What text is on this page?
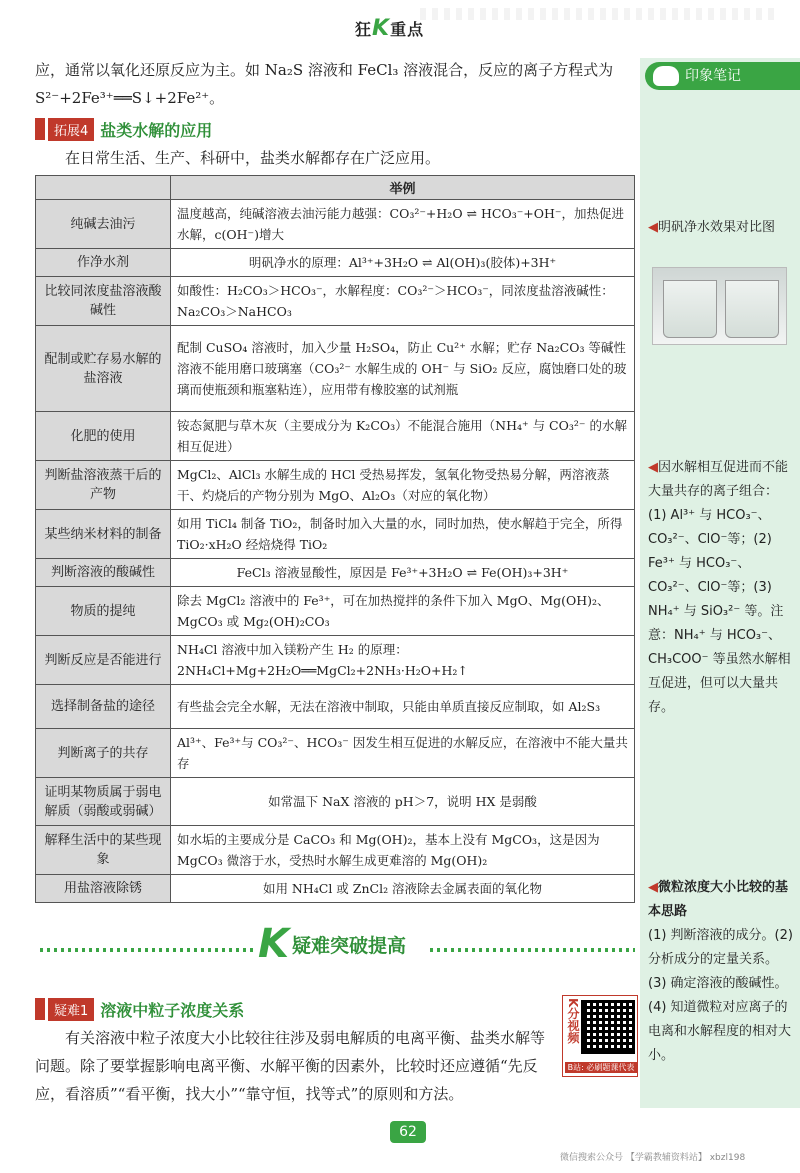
狂K重点
印象笔记
应，通常以氧化还原反应为主。如 Na₂S 溶液和 FeCl₃ 溶液混合，反应的离子方程式为 S²⁻+2Fe³⁺══S↓+2Fe²⁺。
拓展4 盐类水解的应用
在日常生活、生产、科研中，盐类水解都存在广泛应用。
	举例
纯碱去油污	温度越高，纯碱溶液去油污能力越强：CO₃²⁻+H₂O ⇌ HCO₃⁻+OH⁻，加热促进水解，c(OH⁻)增大
作净水剂	明矾净水的原理：Al³⁺+3H₂O ⇌ Al(OH)₃(胶体)+3H⁺
比较同浓度盐溶液酸碱性	如酸性：H₂CO₃＞HCO₃⁻，水解程度：CO₃²⁻＞HCO₃⁻，同浓度盐溶液碱性：Na₂CO₃＞NaHCO₃
配制或贮存易水解的盐溶液	配制 CuSO₄ 溶液时，加入少量 H₂SO₄，防止 Cu²⁺ 水解；贮存 Na₂CO₃ 等碱性溶液不能用磨口玻璃塞（CO₃²⁻ 水解生成的 OH⁻ 与 SiO₂ 反应，腐蚀磨口处的玻璃而使瓶颈和瓶塞粘连），应用带有橡胶塞的试剂瓶
化肥的使用	铵态氮肥与草木灰（主要成分为 K₂CO₃）不能混合施用（NH₄⁺ 与 CO₃²⁻ 的水解相互促进）
判断盐溶液蒸干后的产物	MgCl₂、AlCl₃ 水解生成的 HCl 受热易挥发，氢氧化物受热易分解，两溶液蒸干、灼烧后的产物分别为 MgO、Al₂O₃（对应的氧化物）
某些纳米材料的制备	如用 TiCl₄ 制备 TiO₂，制备时加入大量的水，同时加热，使水解趋于完全，所得 TiO₂·xH₂O 经焙烧得 TiO₂
判断溶液的酸碱性	FeCl₃ 溶液显酸性，原因是 Fe³⁺+3H₂O ⇌ Fe(OH)₃+3H⁺
物质的提纯	除去 MgCl₂ 溶液中的 Fe³⁺，可在加热搅拌的条件下加入 MgO、Mg(OH)₂、MgCO₃ 或 Mg₂(OH)₂CO₃
判断反应是否能进行	NH₄Cl 溶液中加入镁粉产生 H₂ 的原理：2NH₄Cl+Mg+2H₂O══MgCl₂+2NH₃·H₂O+H₂↑
选择制备盐的途径	有些盐会完全水解，无法在溶液中制取，只能由单质直接反应制取，如 Al₂S₃
判断离子的共存	Al³⁺、Fe³⁺与 CO₃²⁻、HCO₃⁻ 因发生相互促进的水解反应，在溶液中不能大量共存
证明某物质属于弱电解质（弱酸或弱碱）	如常温下 NaX 溶液的 pH＞7，说明 HX 是弱酸
解释生活中的某些现象	如水垢的主要成分是 CaCO₃ 和 Mg(OH)₂，基本上没有 MgCO₃，这是因为 MgCO₃ 微溶于水，受热时水解生成更难溶的 Mg(OH)₂
用盐溶液除锈	如用 NH₄Cl 或 ZnCl₂ 溶液除去金属表面的氧化物
◀明矾净水效果对比图
◀因水解相互促进而不能大量共存的离子组合：(1) Al³⁺ 与 HCO₃⁻、CO₃²⁻、ClO⁻等；(2) Fe³⁺ 与 HCO₃⁻、CO₃²⁻、ClO⁻等；(3) NH₄⁺ 与 SiO₃²⁻ 等。注意：NH₄⁺ 与 HCO₃⁻、CH₃COO⁻ 等虽然水解相互促进，但可以大量共存。
◀微粒浓度大小比较的基本思路
(1) 判断溶液的成分。(2) 分析成分的定量关系。(3) 确定溶液的酸碱性。(4) 知道微粒对应离子的电离和水解程度的相对大小。
K 疑难突破提高
疑难1 溶液中粒子浓度关系
有关溶液中粒子浓度大小比较往往涉及弱电解质的电离平衡、盐类水解等问题。除了要掌握影响电离平衡、水解平衡的因素外，比较时还应遵循“先反应，看溶质”“看平衡，找大小”“靠守恒，找等式”的原则和方法。
K分视频
B站: 必刷题课代表
62
微信搜索公众号 【学霸教辅资料站】 xbzl198
